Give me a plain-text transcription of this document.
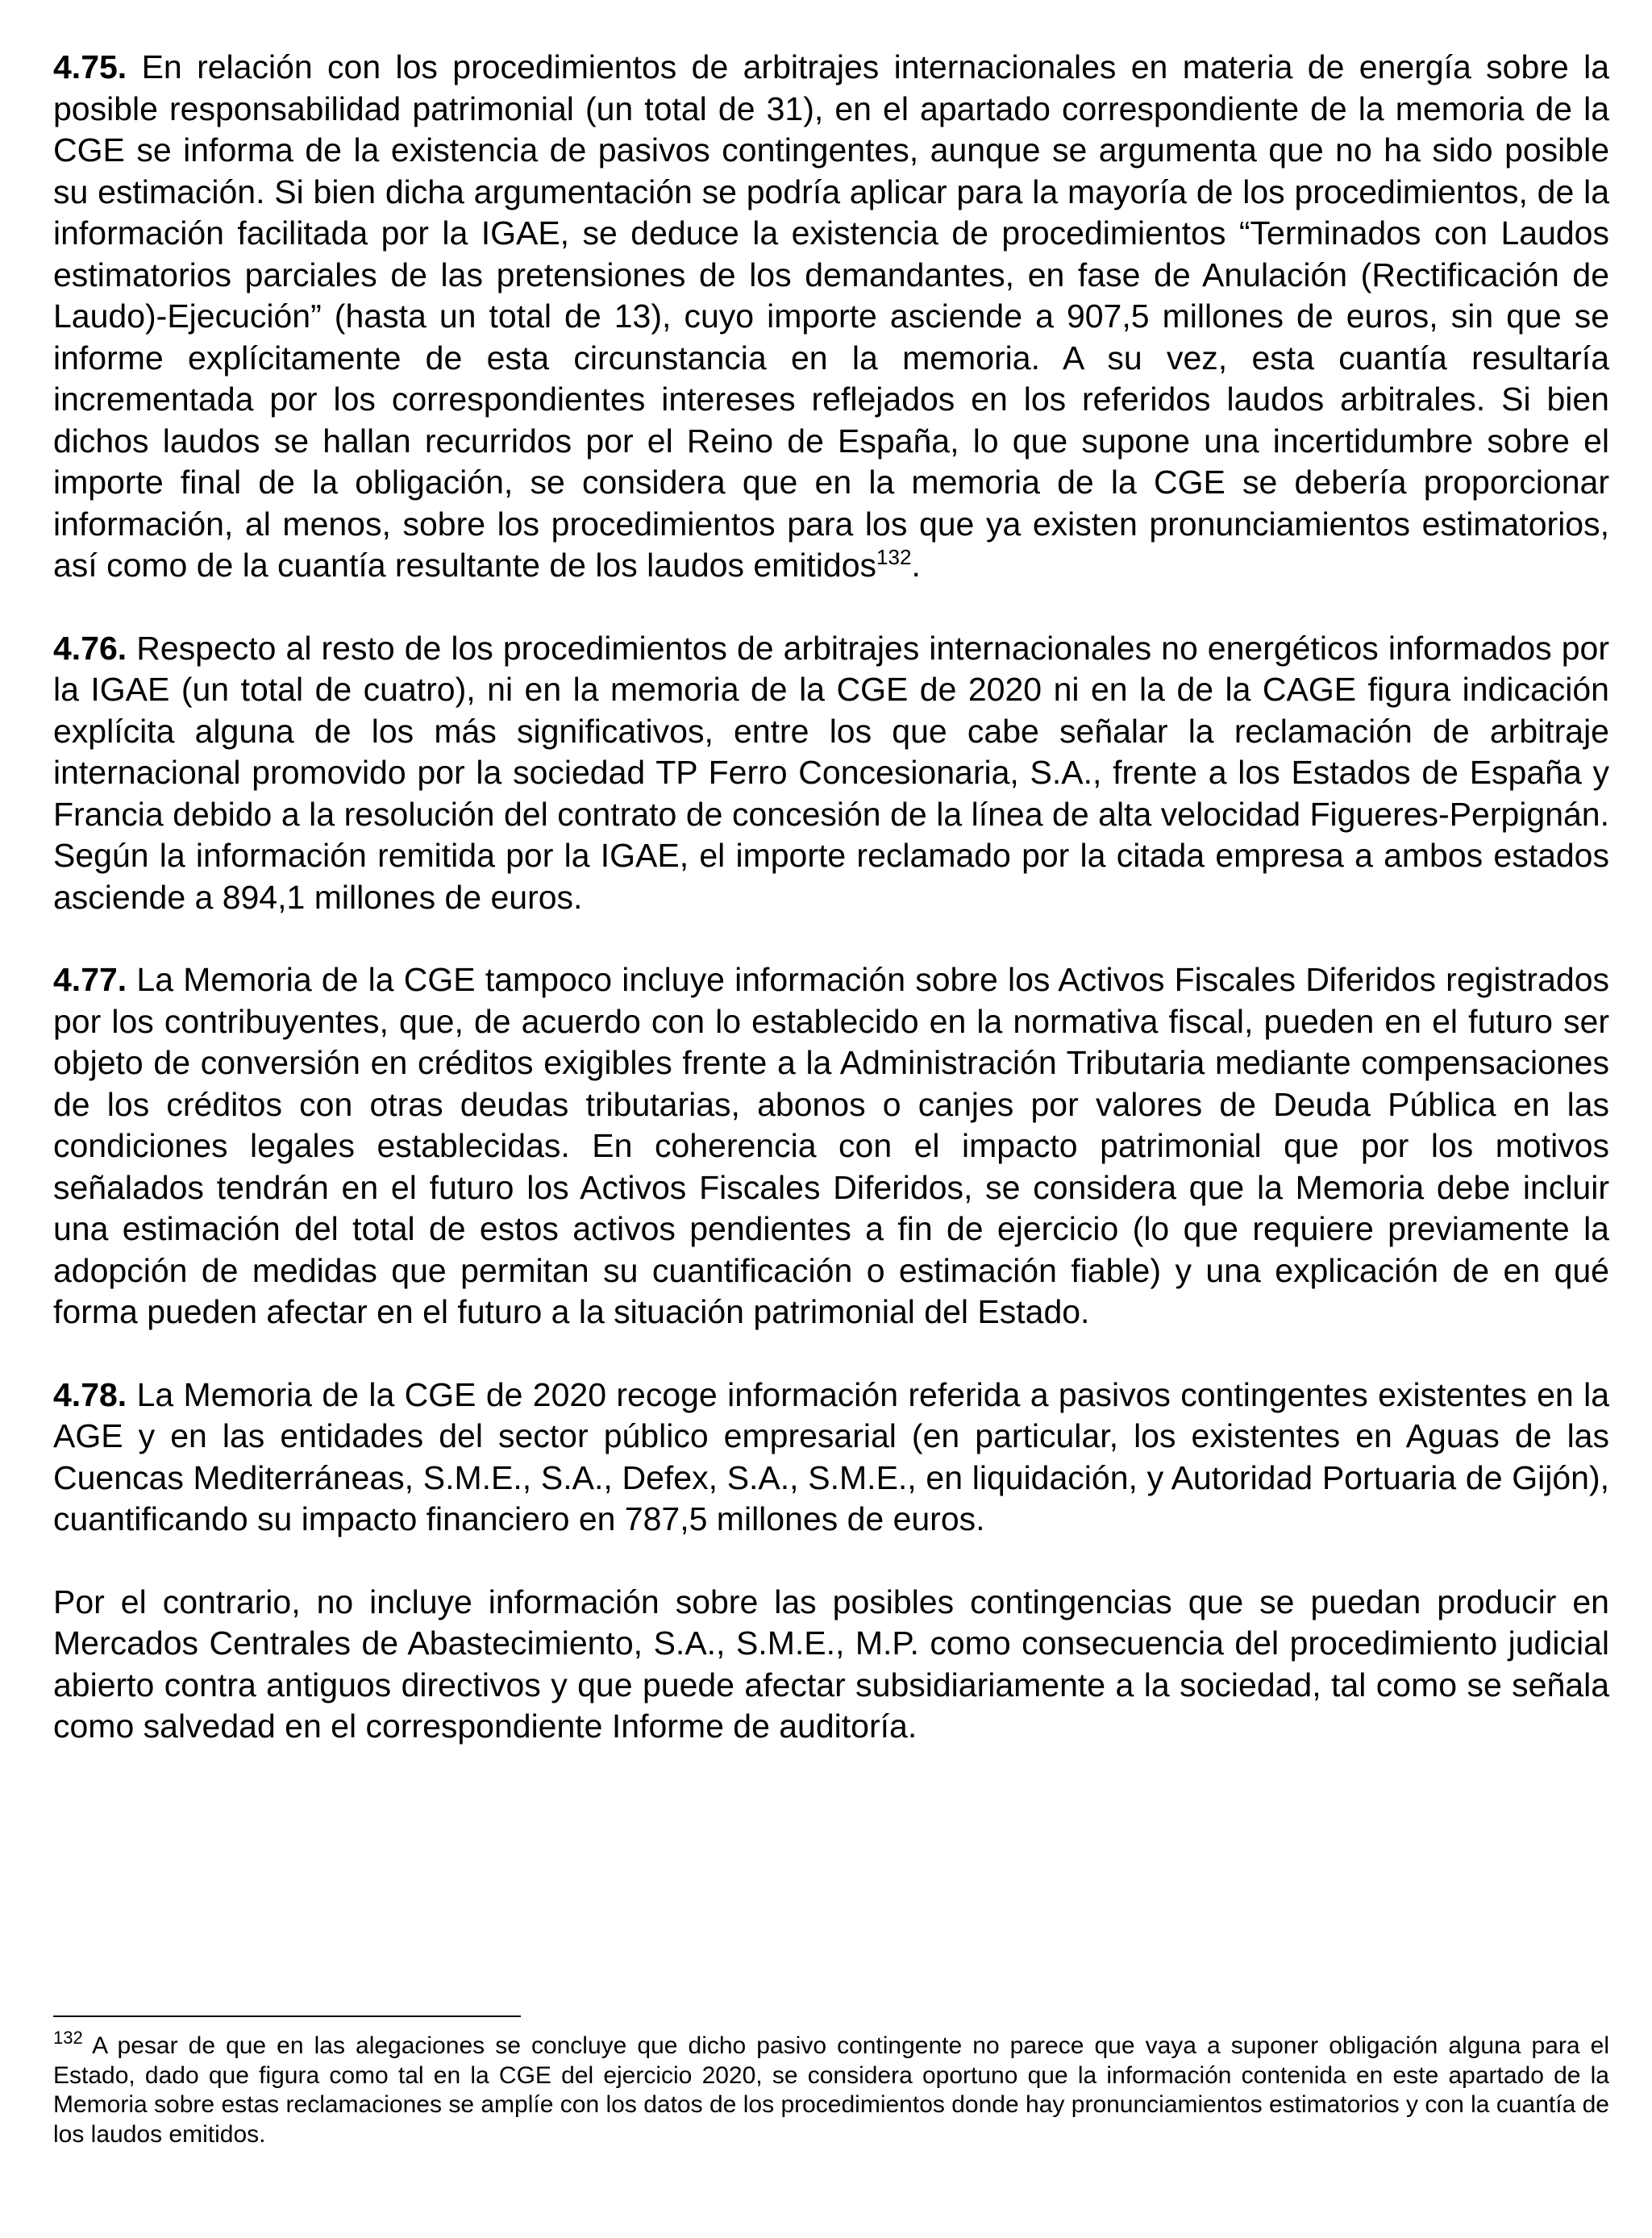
4.75. En relación con los procedimientos de arbitrajes internacionales en materia de energía sobre la posible responsabilidad patrimonial (un total de 31), en el apartado correspondiente de la memoria de la CGE se informa de la existencia de pasivos contingentes, aunque se argumenta que no ha sido posible su estimación. Si bien dicha argumentación se podría aplicar para la mayoría de los procedimientos, de la información facilitada por la IGAE, se deduce la existencia de procedimientos “Terminados con Laudos estimatorios parciales de las pretensiones de los demandantes, en fase de Anulación (Rectificación de Laudo)-Ejecución” (hasta un total de 13), cuyo importe asciende a 907,5 millones de euros, sin que se informe explícitamente de esta circunstancia en la memoria. A su vez, esta cuantía resultaría incrementada por los correspondientes intereses reflejados en los referidos laudos arbitrales. Si bien dichos laudos se hallan recurridos por el Reino de España, lo que supone una incertidumbre sobre el importe final de la obligación, se considera que en la memoria de la CGE se debería proporcionar información, al menos, sobre los procedimientos para los que ya existen pronunciamientos estimatorios, así como de la cuantía resultante de los laudos emitidos$^{132}$.

4.76. Respecto al resto de los procedimientos de arbitrajes internacionales no energéticos informados por la IGAE (un total de cuatro), ni en la memoria de la CGE de 2020 ni en la de la CAGE figura indicación explícita alguna de los más significativos, entre los que cabe señalar la reclamación de arbitraje internacional promovido por la sociedad TP Ferro Concesionaria, S.A., frente a los Estados de España y Francia debido a la resolución del contrato de concesión de la línea de alta velocidad Figueres-Perpignán. Según la información remitida por la IGAE, el importe reclamado por la citada empresa a ambos estados asciende a 894,1 millones de euros.

4.77. La Memoria de la CGE tampoco incluye información sobre los Activos Fiscales Diferidos registrados por los contribuyentes, que, de acuerdo con lo establecido en la normativa fiscal, pueden en el futuro ser objeto de conversión en créditos exigibles frente a la Administración Tributaria mediante compensaciones de los créditos con otras deudas tributarias, abonos o canjes por valores de Deuda Pública en las condiciones legales establecidas. En coherencia con el impacto patrimonial que por los motivos señalados tendrán en el futuro los Activos Fiscales Diferidos, se considera que la Memoria debe incluir una estimación del total de estos activos pendientes a fin de ejercicio (lo que requiere previamente la adopción de medidas que permitan su cuantificación o estimación fiable) y una explicación de en qué forma pueden afectar en el futuro a la situación patrimonial del Estado.

4.78. La Memoria de la CGE de 2020 recoge información referida a pasivos contingentes existentes en la AGE y en las entidades del sector público empresarial (en particular, los existentes en Aguas de las Cuencas Mediterráneas, S.M.E., S.A., Defex, S.A., S.M.E., en liquidación, y Autoridad Portuaria de Gijón), cuantificando su impacto financiero en 787,5 millones de euros.

Por el contrario, no incluye información sobre las posibles contingencias que se puedan producir en Mercados Centrales de Abastecimiento, S.A., S.M.E., M.P. como consecuencia del procedimiento judicial abierto contra antiguos directivos y que puede afectar subsidiariamente a la sociedad, tal como se señala como salvedad en el correspondiente Informe de auditoría.

$^{132}$ A pesar de que en las alegaciones se concluye que dicho pasivo contingente no parece que vaya a suponer obligación alguna para el Estado, dado que figura como tal en la CGE del ejercicio 2020, se considera oportuno que la información contenida en este apartado de la Memoria sobre estas reclamaciones se amplíe con los datos de los procedimientos donde hay pronunciamientos estimatorios y con la cuantía de los laudos emitidos.
